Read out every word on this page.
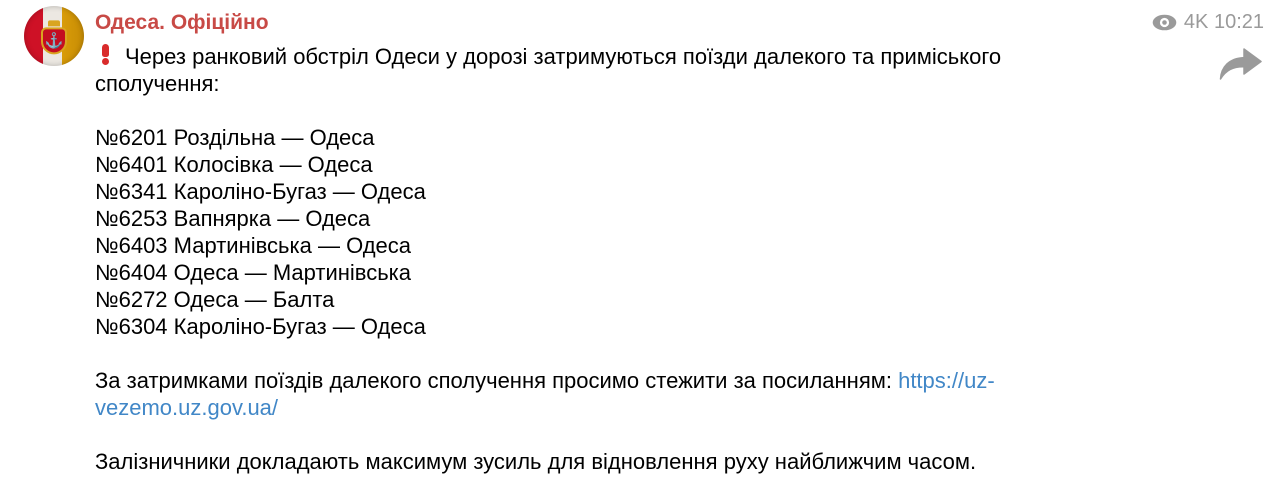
⚓
Одеса. Офіційно
Через ранковий обстріл Одеси у дорозі затримуються поїзди далекого та приміського сполучення:
№6201 Роздільна — Одеса
№6401 Колосівка — Одеса
№6341 Кароліно-Бугаз — Одеса
№6253 Вапнярка — Одеса
№6403 Мартинівська — Одеса
№6404 Одеса — Мартинівська
№6272 Одеса — Балта
№6304 Кароліно-Бугаз — Одеса
За затримками поїздів далекого сполучення просимо стежити за посиланням: https://uz-vezemo.uz.gov.ua/
Залізничники докладають максимум зусиль для відновлення руху найближчим часом.
4K 10:21
